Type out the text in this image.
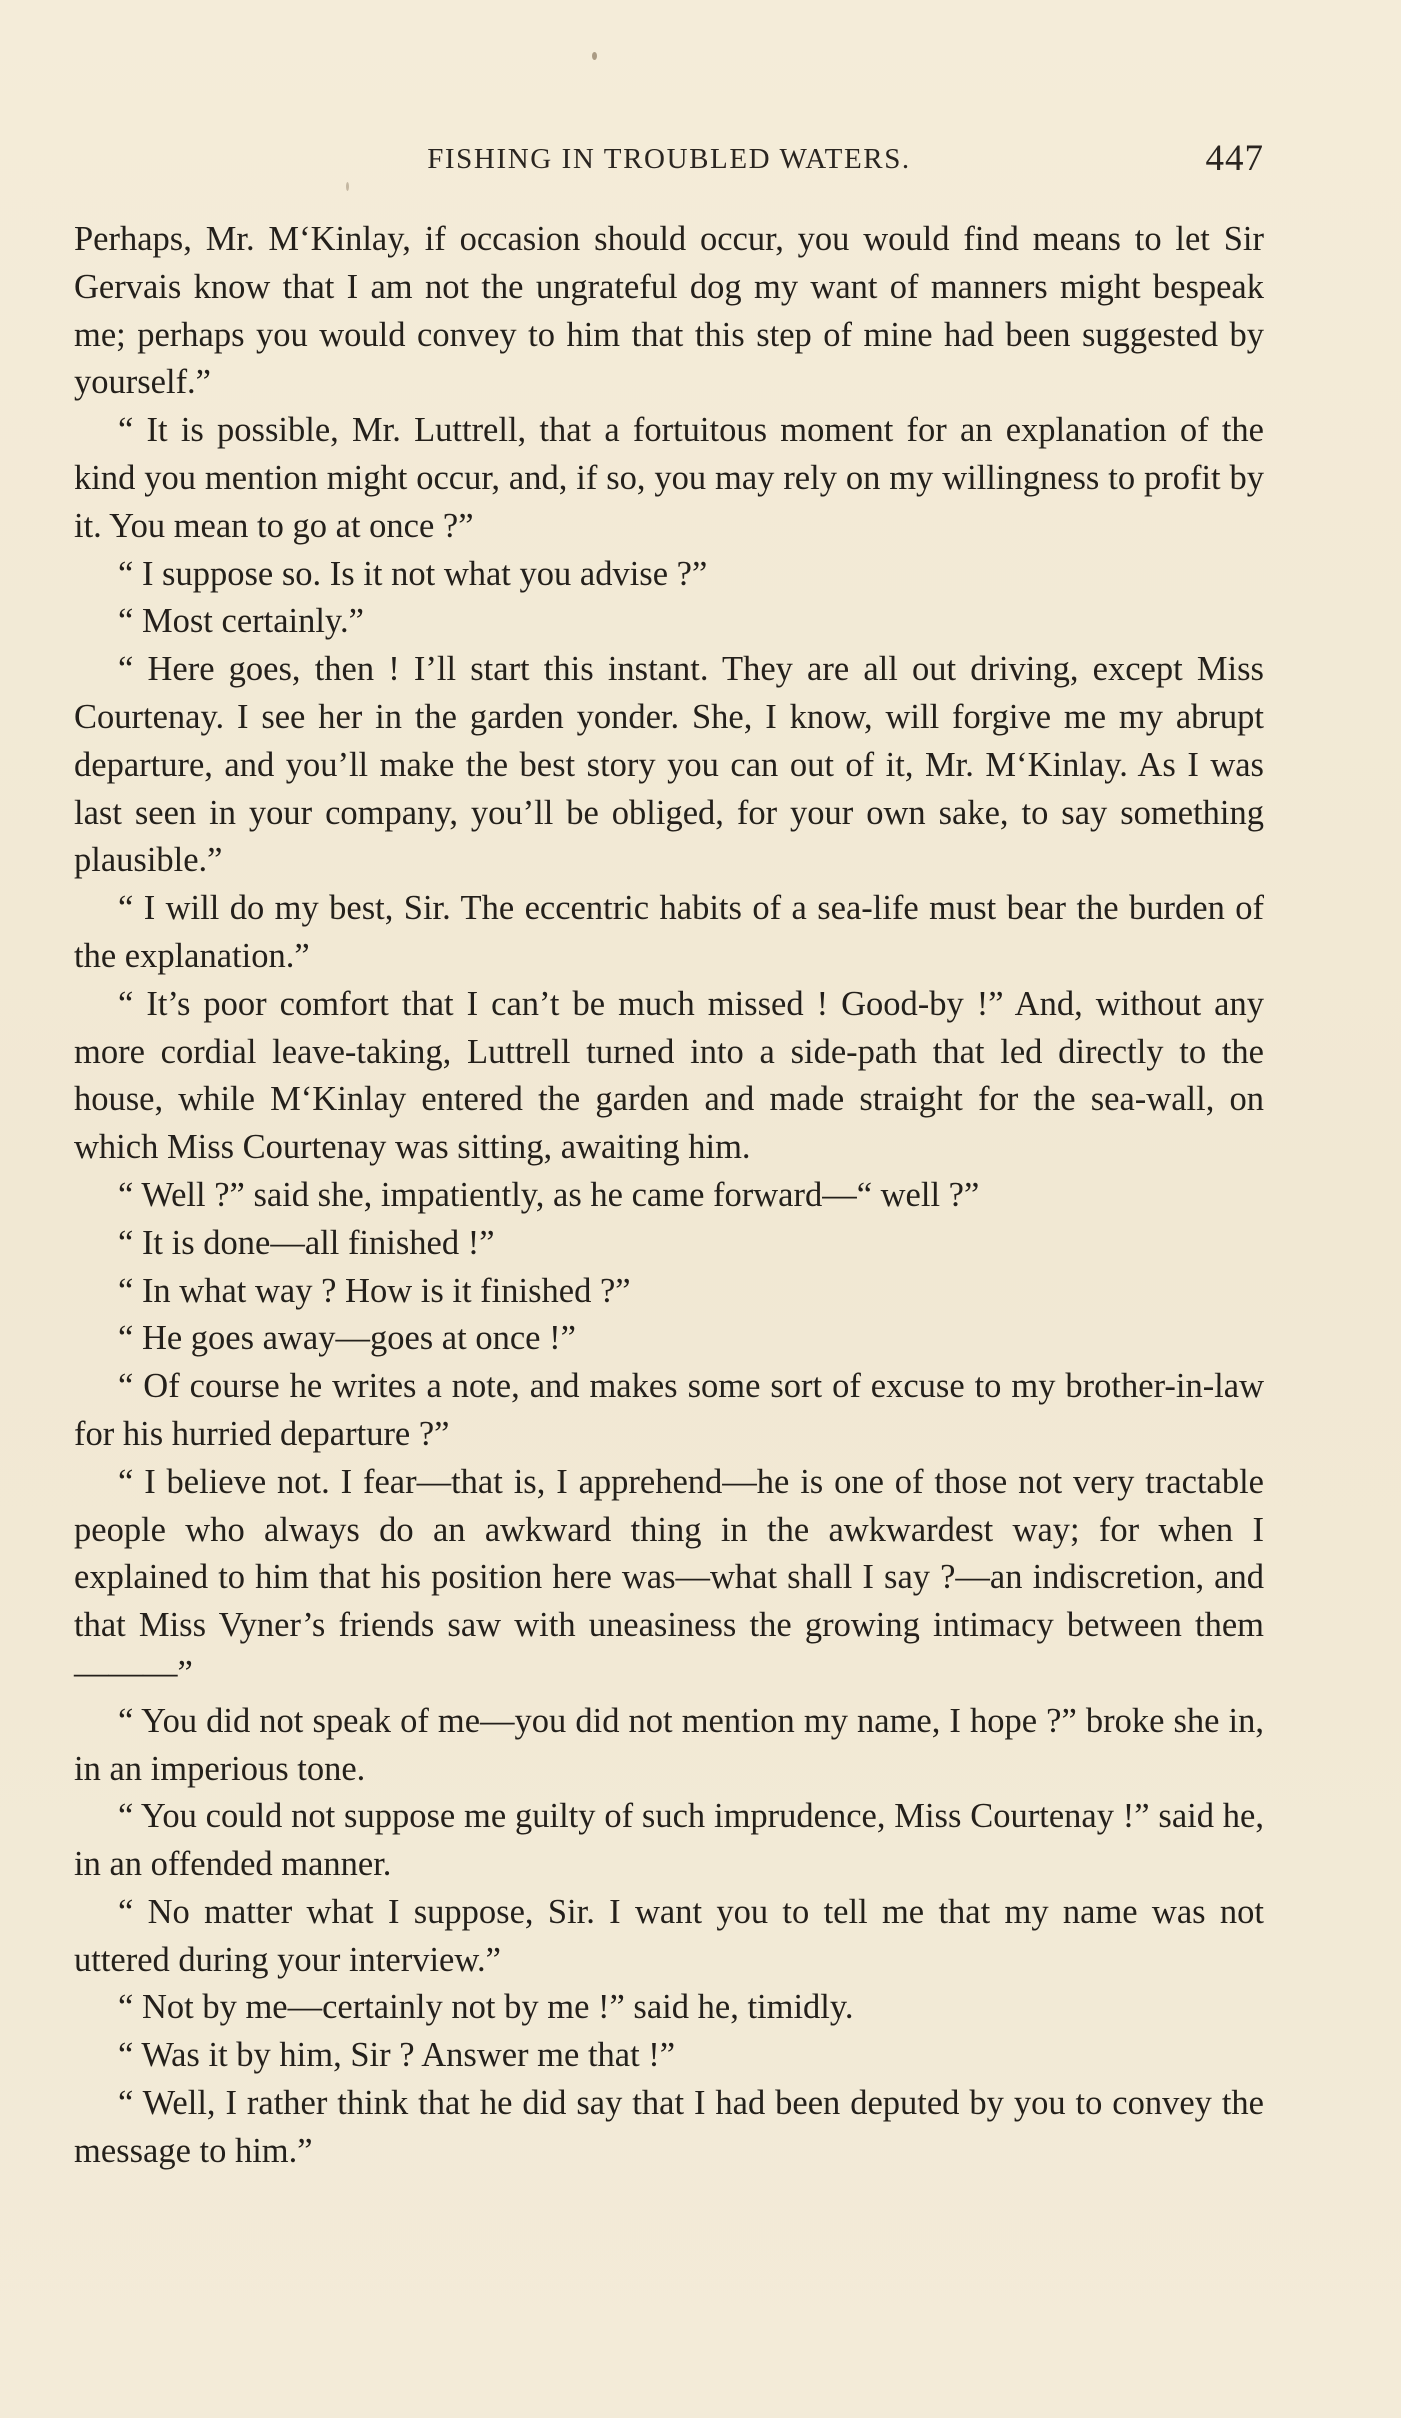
FISHING IN TROUBLED WATERS.	447

Perhaps, Mr. M‘Kinlay, if occasion should occur, you would find means to let Sir Gervais know that I am not the ungrateful dog my want of manners might bespeak me; perhaps you would convey to him that this step of mine had been suggested by yourself.”

“ It is possible, Mr. Luttrell, that a fortuitous moment for an explanation of the kind you mention might occur, and, if so, you may rely on my willingness to profit by it. You mean to go at once ?”

“ I suppose so. Is it not what you advise ?”

“ Most certainly.”

“ Here goes, then ! I’ll start this instant. They are all out driving, except Miss Courtenay. I see her in the garden yonder. She, I know, will forgive me my abrupt departure, and you’ll make the best story you can out of it, Mr. M‘Kinlay. As I was last seen in your company, you’ll be obliged, for your own sake, to say something plausible.”

“ I will do my best, Sir. The eccentric habits of a sea-life must bear the burden of the explanation.”

“ It’s poor comfort that I can’t be much missed ! Good-by !” And, without any more cordial leave-taking, Luttrell turned into a side-path that led directly to the house, while M‘Kinlay entered the garden and made straight for the sea-wall, on which Miss Courtenay was sitting, awaiting him.

“ Well ?” said she, impatiently, as he came forward—“ well ?”

“ It is done—all finished !”

“ In what way ? How is it finished ?”

“ He goes away—goes at once !”

“ Of course he writes a note, and makes some sort of excuse to my brother-in-law for his hurried departure ?”

“ I believe not. I fear—that is, I apprehend—he is one of those not very tractable people who always do an awkward thing in the awkwardest way; for when I explained to him that his position here was—what shall I say ?—an indiscretion, and that Miss Vyner’s friends saw with uneasiness the growing intimacy between them———”

“ You did not speak of me—you did not mention my name, I hope ?” broke she in, in an imperious tone.

“ You could not suppose me guilty of such imprudence, Miss Courtenay !” said he, in an offended manner.

“ No matter what I suppose, Sir. I want you to tell me that my name was not uttered during your interview.”

“ Not by me—certainly not by me !” said he, timidly.

“ Was it by him, Sir ? Answer me that !”

“ Well, I rather think that he did say that I had been deputed by you to convey the message to him.”
